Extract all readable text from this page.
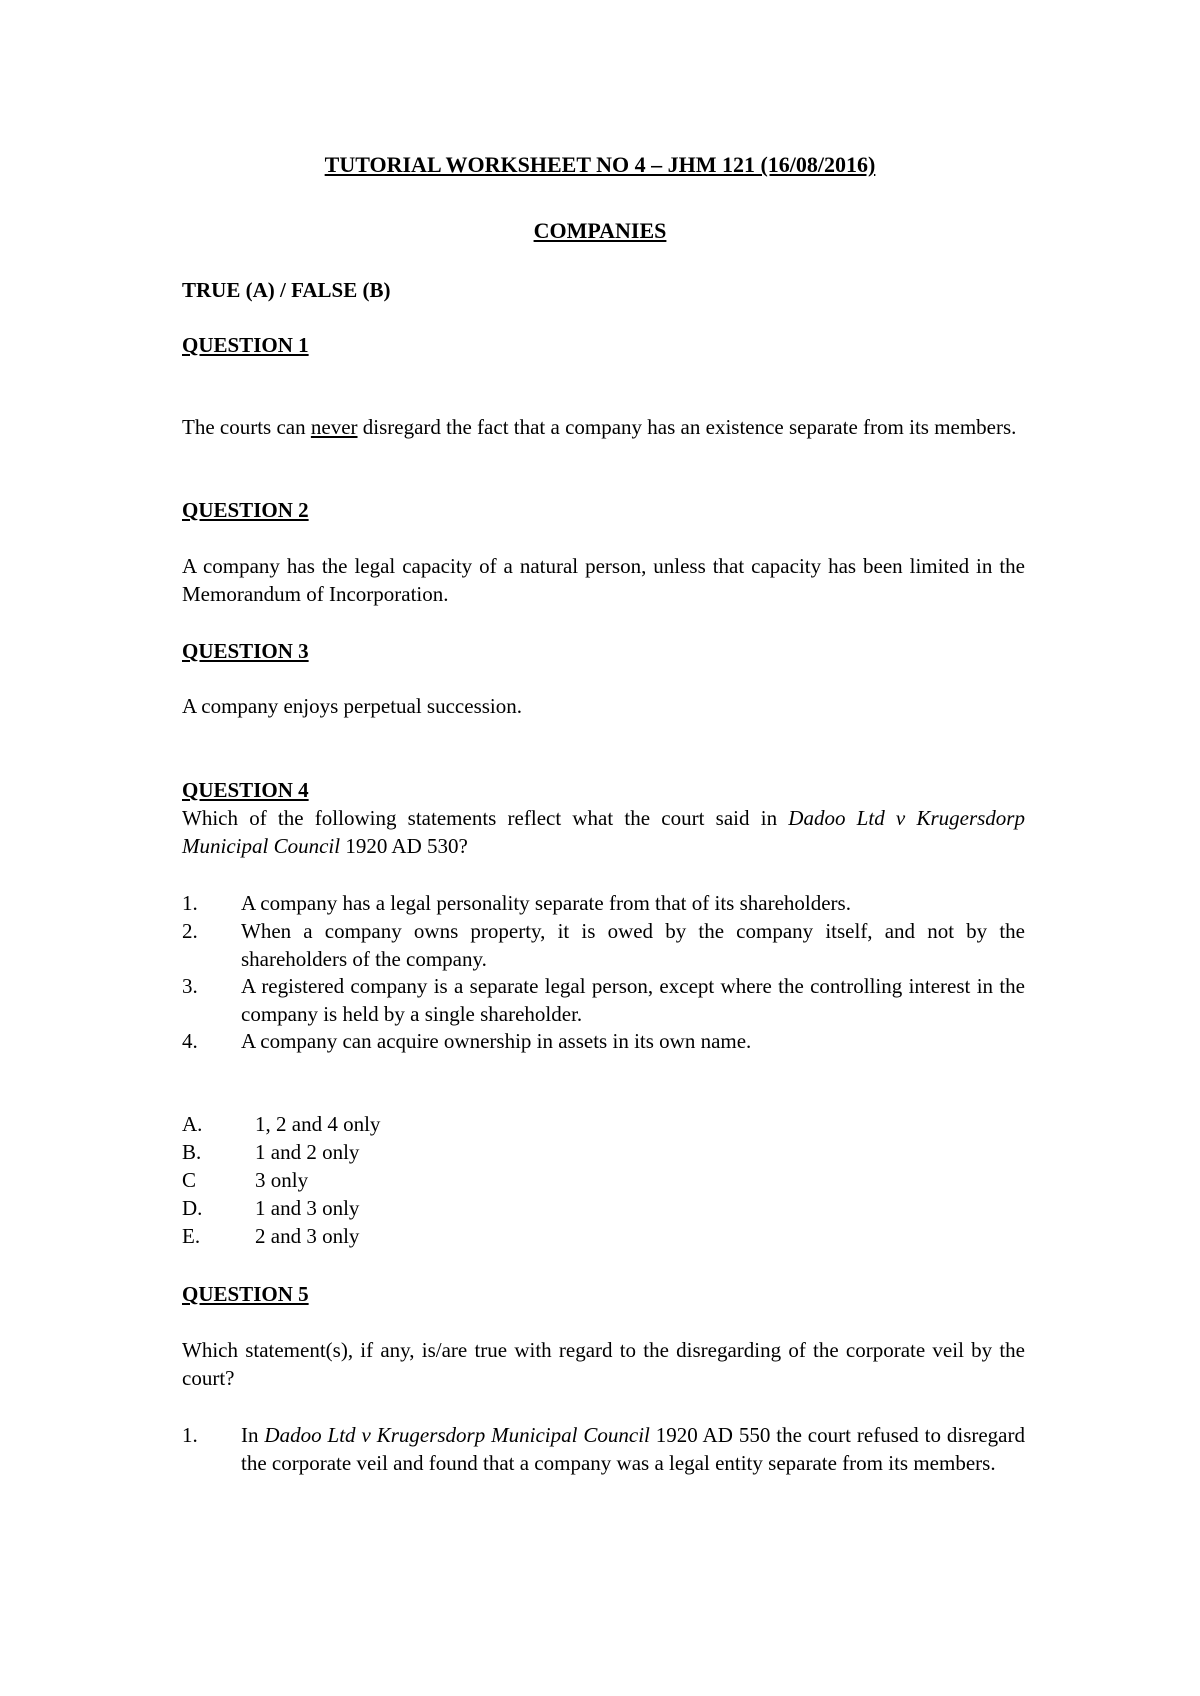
TUTORIAL WORKSHEET NO 4 – JHM 121 (16/08/2016)
COMPANIES
TRUE (A) / FALSE (B)
QUESTION 1
The courts can never disregard the fact that a company has an existence separate from its members.
QUESTION 2
A company has the legal capacity of a natural person, unless that capacity has been limited in the Memorandum of Incorporation.
QUESTION 3
A company enjoys perpetual succession.
QUESTION 4
Which of the following statements reflect what the court said in Dadoo Ltd v Krugersdorp Municipal Council 1920 AD 530?
1. A company has a legal personality separate from that of its shareholders.
2. When a company owns property, it is owed by the company itself, and not by the shareholders of the company.
3. A registered company is a separate legal person, except where the controlling interest in the company is held by a single shareholder.
4. A company can acquire ownership in assets in its own name.
A.	1, 2 and 4 only
B.	1 and 2 only
C	3 only
D.	1 and 3 only
E.	2 and 3 only
QUESTION 5
Which statement(s), if any, is/are true with regard to the disregarding of the corporate veil by the court?
1. In Dadoo Ltd v Krugersdorp Municipal Council 1920 AD 550 the court refused to disregard the corporate veil and found that a company was a legal entity separate from its members.
